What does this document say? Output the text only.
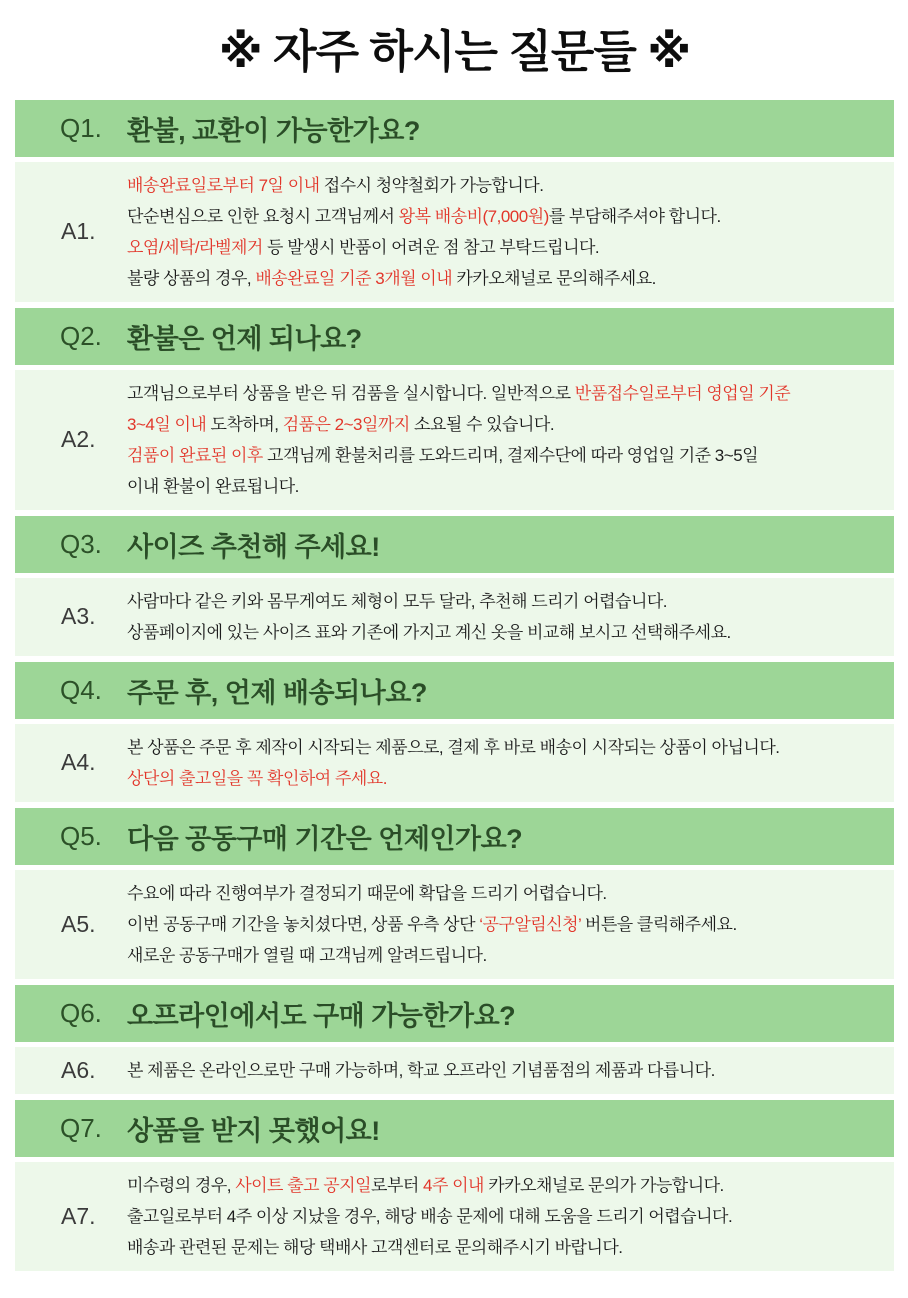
※ 자주 하시는 질문들 ※
Q1. 환불, 교환이 가능한가요?
A1.

배송완료일로부터 7일 이내 접수시 청약철회가 가능합니다.

단순변심으로 인한 요청시 고객님께서 왕복 배송비(7,000원)를 부담해주셔야 합니다.

오염/세탁/라벨제거 등 발생시 반품이 어려운 점 참고 부탁드립니다.

불량 상품의 경우, 배송완료일 기준 3개월 이내 카카오채널로 문의해주세요.

Q2. 환불은 언제 되나요?
A2.

고객님으로부터 상품을 받은 뒤 검품을 실시합니다. 일반적으로 반품접수일로부터 영업일 기준

3~4일 이내 도착하며, 검품은 2~3일까지 소요될 수 있습니다.

검품이 완료된 이후 고객님께 환불처리를 도와드리며, 결제수단에 따라 영업일 기준 3~5일

이내 환불이 완료됩니다.

Q3. 사이즈 추천해 주세요!
A3.

사람마다 같은 키와 몸무게여도 체형이 모두 달라, 추천해 드리기 어렵습니다.

상품페이지에 있는 사이즈 표와 기존에 가지고 계신 옷을 비교해 보시고 선택해주세요.

Q4. 주문 후, 언제 배송되나요?
A4.

본 상품은 주문 후 제작이 시작되는 제품으로, 결제 후 바로 배송이 시작되는 상품이 아닙니다.

상단의 출고일을 꼭 확인하여 주세요.

Q5. 다음 공동구매 기간은 언제인가요?
A5.

수요에 따라 진행여부가 결정되기 때문에 확답을 드리기 어렵습니다.

이번 공동구매 기간을 놓치셨다면, 상품 우측 상단 ‘공구알림신청’ 버튼을 클릭해주세요.

새로운 공동구매가 열릴 때 고객님께 알려드립니다.

Q6. 오프라인에서도 구매 가능한가요?
A6.	본 제품은 온라인으로만 구매 가능하며, 학교 오프라인 기념품점의 제품과 다릅니다.

Q7. 상품을 받지 못했어요!
A7.

미수령의 경우, 사이트 출고 공지일로부터 4주 이내 카카오채널로 문의가 가능합니다.

출고일로부터 4주 이상 지났을 경우, 해당 배송 문제에 대해 도움을 드리기 어렵습니다.

배송과 관련된 문제는 해당 택배사 고객센터로 문의해주시기 바랍니다.
